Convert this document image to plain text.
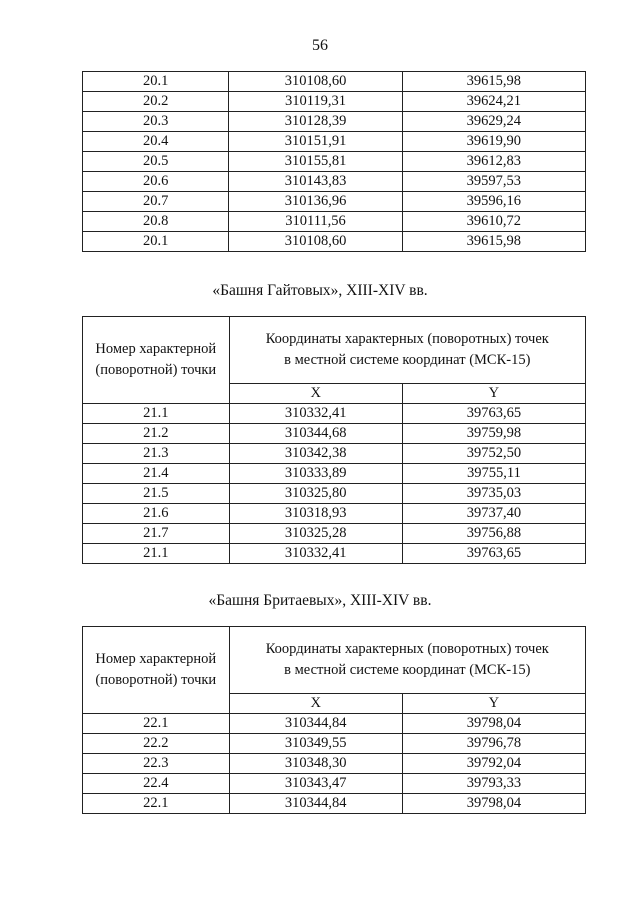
56
20.1	310108,60	39615,98
20.2	310119,31	39624,21
20.3	310128,39	39629,24
20.4	310151,91	39619,90
20.5	310155,81	39612,83
20.6	310143,83	39597,53
20.7	310136,96	39596,16
20.8	310111,56	39610,72
20.1	310108,60	39615,98
«Башня Гайтовых», XIII-XIV вв.
Номер характерной
(поворотной) точки	Координаты характерных (поворотных) точек
в местной системе координат (МСК-15)	
	X	Y
21.1	310332,41	39763,65
21.2	310344,68	39759,98
21.3	310342,38	39752,50
21.4	310333,89	39755,11
21.5	310325,80	39735,03
21.6	310318,93	39737,40
21.7	310325,28	39756,88
21.1	310332,41	39763,65
«Башня Бритаевых», XIII-XIV вв.
Номер характерной
(поворотной) точки	Координаты характерных (поворотных) точек
в местной системе координат (МСК-15)	
	X	Y
22.1	310344,84	39798,04
22.2	310349,55	39796,78
22.3	310348,30	39792,04
22.4	310343,47	39793,33
22.1	310344,84	39798,04
